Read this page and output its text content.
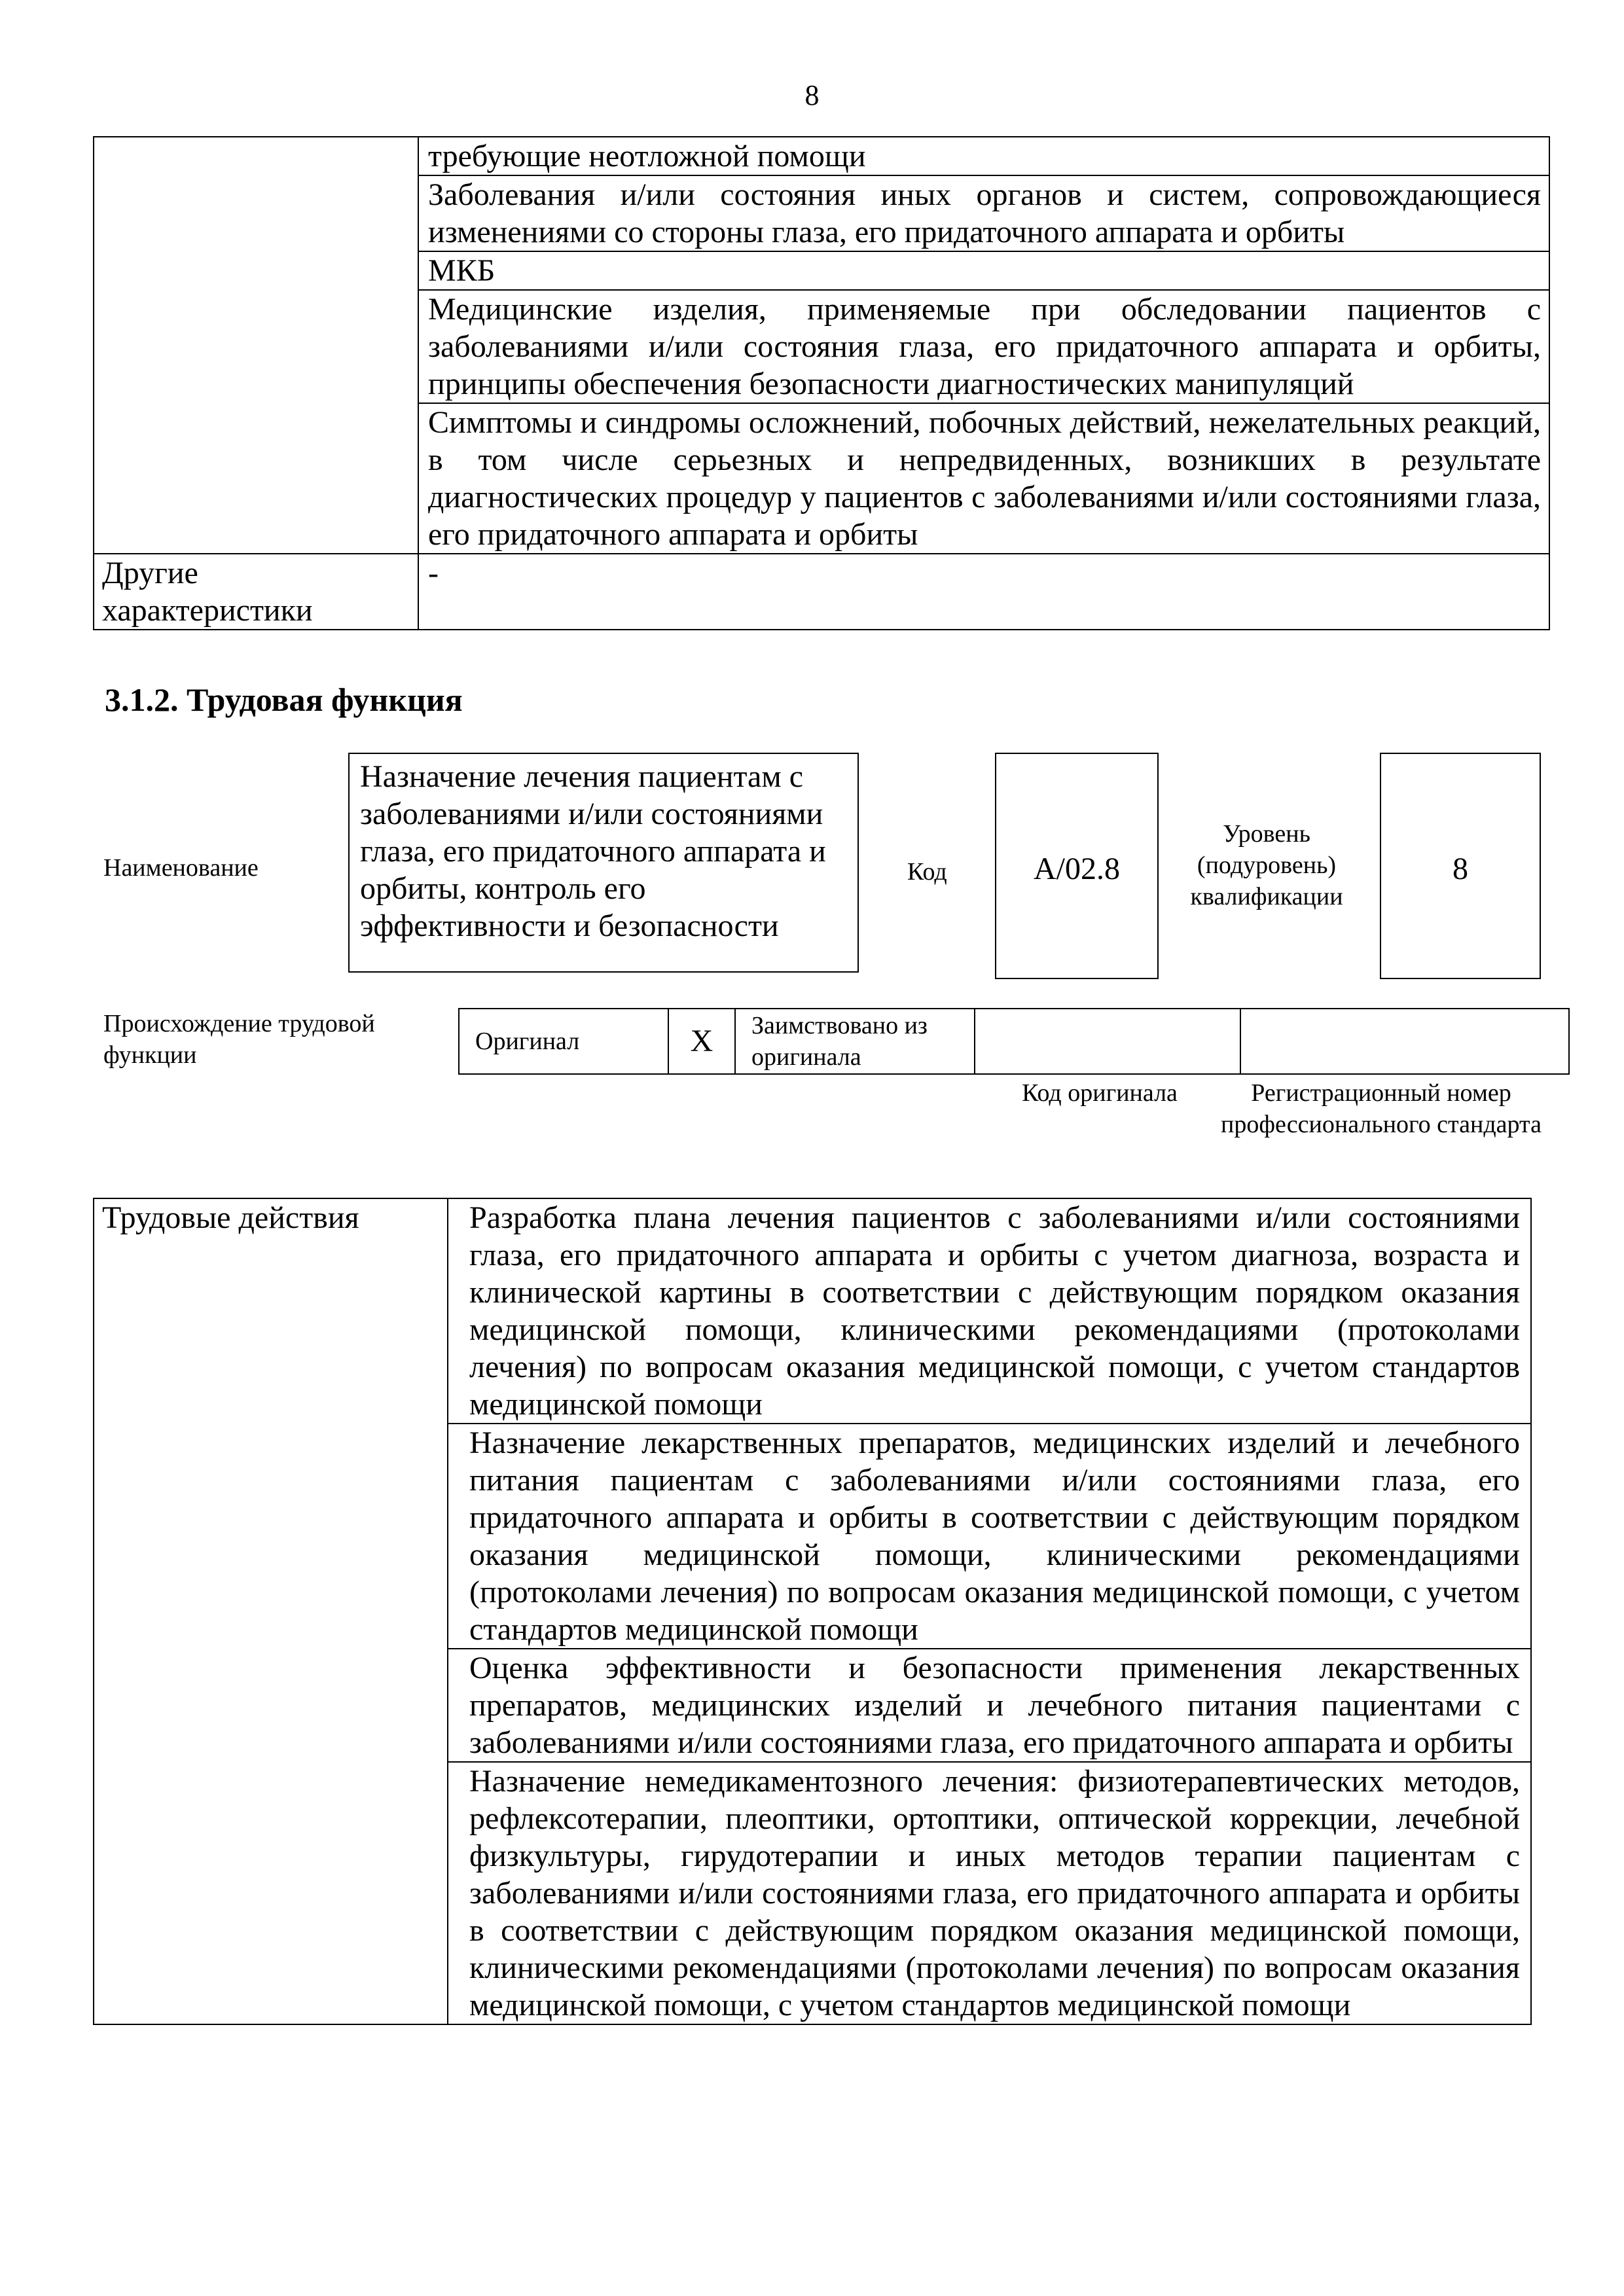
8
	требующие неотложной помощи
	Заболевания и/или состояния иных органов и систем, сопровождающиеся изменениями со стороны глаза, его придаточного аппарата и орбиты
	МКБ
	Медицинские изделия, применяемые при обследовании пациентов с заболеваниями и/или состояния глаза, его придаточного аппарата и орбиты, принципы обеспечения безопасности диагностических манипуляций
	Симптомы и синдромы осложнений, побочных действий, нежелательных реакций, в том числе серьезных и непредвиденных, возникших в результате диагностических процедур у пациентов с заболеваниями и/или состояниями глаза, его придаточного аппарата и орбиты
Другие характеристики	-
3.1.2. Трудовая функция
Наименование
Назначение лечения пациентам с заболеваниями и/или состояниями глаза, его придаточного аппарата и орбиты, контроль его эффективности и безопасности
Код	A/02.8
Уровень (подуровень) квалификации
8
Происхождение трудовой функции	Оригинал	X	Заимствовано из оригинала		
Код оригинала	Регистрационный номер профессионального стандарта
Трудовые действия	Разработка плана лечения пациентов с заболеваниями и/или состояниями глаза, его придаточного аппарата и орбиты с учетом диагноза, возраста и клинической картины в соответствии с действующим порядком оказания медицинской помощи, клиническими рекомендациями (протоколами лечения) по вопросам оказания медицинской помощи, с учетом стандартов медицинской помощи
Назначение лекарственных препаратов, медицинских изделий и лечебного питания пациентам с заболеваниями и/или состояниями глаза, его придаточного аппарата и орбиты в соответствии с действующим порядком оказания медицинской помощи, клиническими рекомендациями (протоколами лечения) по вопросам оказания медицинской помощи, с учетом стандартов медицинской помощи
Оценка эффективности и безопасности применения лекарственных препаратов, медицинских изделий и лечебного питания пациентами с заболеваниями и/или состояниями глаза, его придаточного аппарата и орбиты
Назначение немедикаментозного лечения: физиотерапевтических методов, рефлексотерапии, плеоптики, ортоптики, оптической коррекции, лечебной физкультуры, гирудотерапии и иных методов терапии пациентам с заболеваниями и/или состояниями глаза, его придаточного аппарата и орбиты в соответствии с действующим порядком оказания медицинской помощи, клиническими рекомендациями (протоколами лечения) по вопросам оказания медицинской помощи, с учетом стандартов медицинской помощи
